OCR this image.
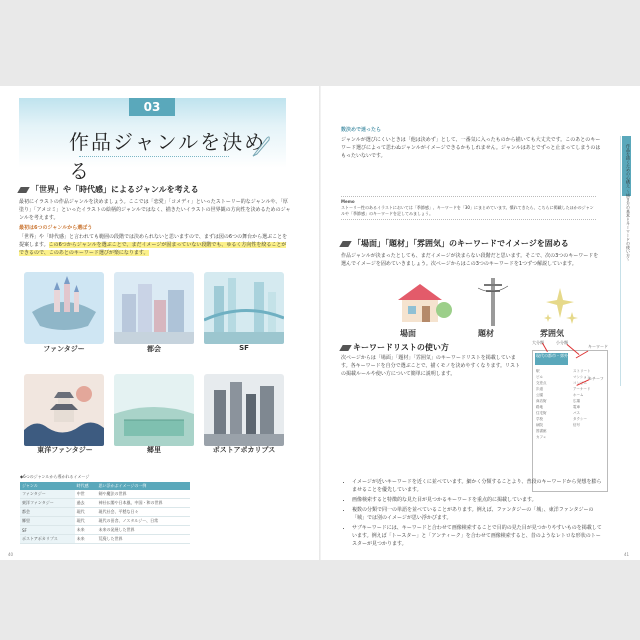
03
作品ジャンルを決める
「世界」や「時代感」によるジャンルを考える
最初にイラストの作品ジャンルを決めましょう。ここでは「恋愛」「コメディ」といったストーリー的なジャンルや、「厚塗り」「アメコミ」といったイラストの絵柄的ジャンルではなく、描きたいイラストの世界観の方向性を決めるためのジャンルを考えます。
最初は6つのジャンルから選ぼう
「世界」や「時代感」と言われても範囲の段階では決められないと思いますので、まずは図の6つの舞台から選ぶことを提案します。この6つからジャンルを選ぶことで、まだイメージが固まっていない段階でも、ゆるく方向性を絞ることができるので、このあとのキーワード選びが楽になります。
ファンタジー	都会	SF
東洋ファンタジー	郷里	ポストアポカリプス
◆6つのジャンルから導かれるイメージ
ジャンル	時代感	思い浮かぶイメージの一例
ファンタジー	中世	剣や魔法の世界
東洋ファンタジー	過去	神社仏閣や日本風、中国・和の世界
都会	現代	現代社会、平穏な日々
郷里	現代	現代の田舎、ノスタルジー、日常
SF	未来	未来の発展した世界
ポストアポカリプス	未来	荒廃した世界
40
数決めで迷ったら
ジャンルが選びにくいときは「他は決めず」として、一番気に入ったものから描いても大丈夫です。このあとのキーワード選びによって思わぬジャンルがイメージできるかもしれません。ジャンルはあとでずっと止まってしまうのはもったいないです。
Memo
ストーリー性のあるイラストにおいては「季節感」、キーワードを「30」にまとめています。慣れてきたら、こちらに掲載したほかのジャンルや「季節感」のキーワードを足してみましょう。
「場面」「題材」「雰囲気」のキーワードでイメージを固める
作品ジャンルが決まったとしても、まだイメージが決まらない段階だと思います。そこで、次の3つのキーワードを選んでイメージを固めていきましょう。次ページからはこの3つのキーワードを1つずつ解説しています。
場面	題材	雰囲気
キーワードリストの使い方
次ページからは「場面」「題材」「雰囲気」のキーワードリストを掲載しています。各キーワードを自分で選ぶことで、描くモノを決めやすくなります。リストの掲載ルールや使い方について簡単に説明します。
現代の都市・郊外
駅
ビル
交差点
歩道
公園
商店街
路地
住宅街
学校
病院
図書館
カフェ
ストリート
マンション
コンビニ
アーケード
ホーム
広場
電車
バス
タクシー
信号
大分類	小分類
キーワード
モチーフ
• イメージが近いキーワードを近くに並べています。細かく分類することより、普段のキーワードから発想を膨らませることを優先しています。
• 画像検索すると特徴的な見た目が見つかるキーワードを重点的に掲載しています。
• 複数の分類で同一の単語を並べていることがあります。例えば、ファンタジーの「城」、東洋ファンタジーの「城」では別のイメージが思い浮かびます。
• サブキーワードには、キーワードと合わせて画像検索することで目的の見た目が見つかりやすいものを掲載しています。例えば「トースター」と「アンティーク」を合わせて画像検索すると、昔のようなレトロな形状のトースターが見つかります。
作品を描くための心構え 〜描き方の基本とキーワードの使い方〜
41
